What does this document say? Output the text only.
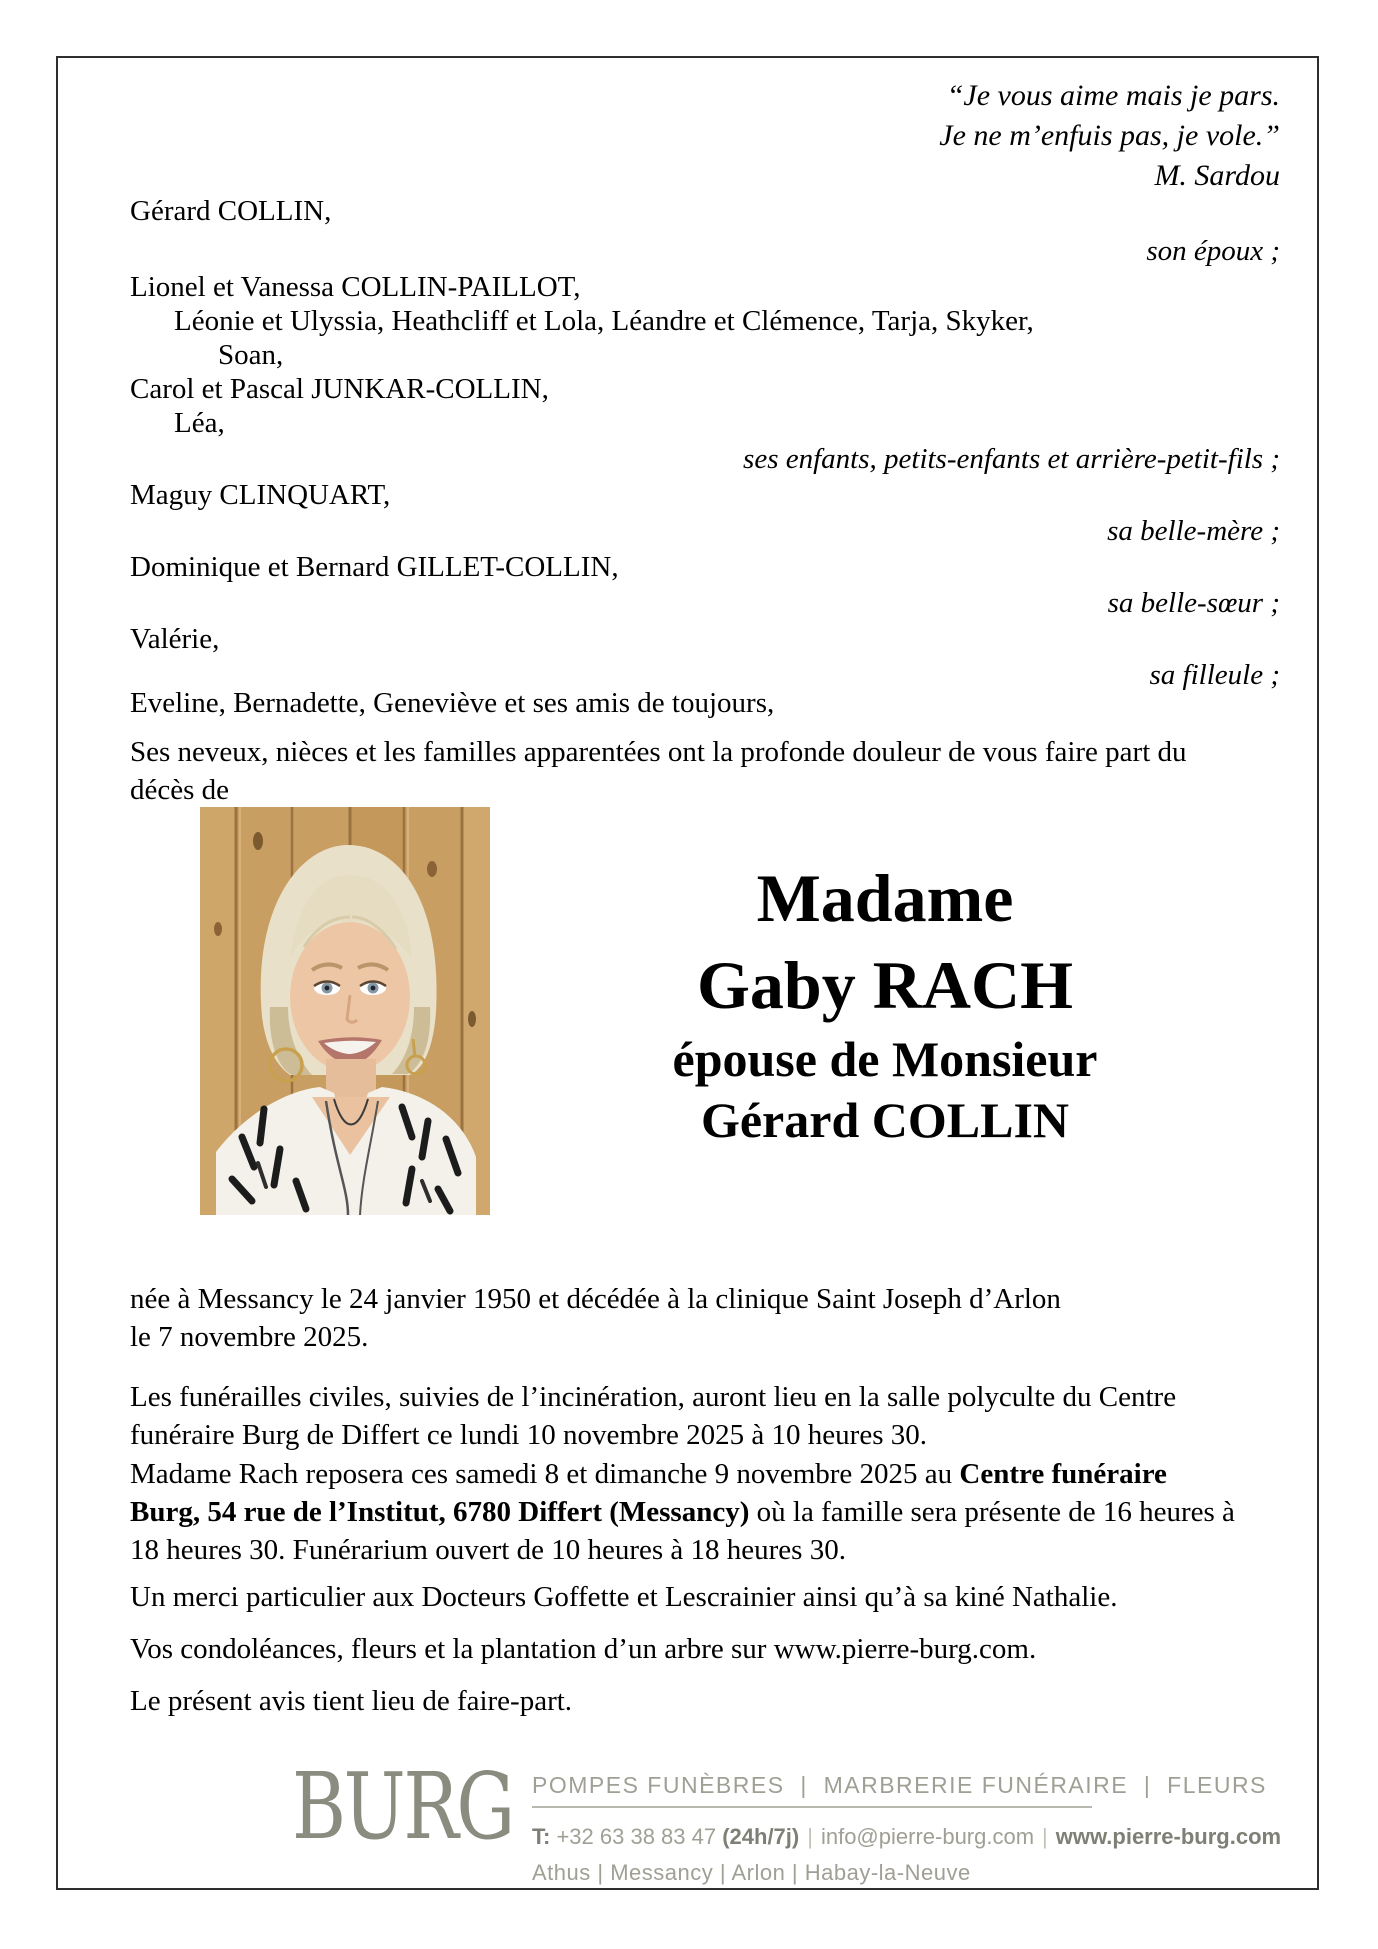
“Je vous aime mais je pars.
Je ne m’enfuis pas, je vole.”
M. Sardou
Gérard COLLIN,
son époux ;
Lionel et Vanessa COLLIN-PAILLOT,
Léonie et Ulyssia, Heathcliff et Lola, Léandre et Clémence, Tarja, Skyker,
Soan,
Carol et Pascal JUNKAR-COLLIN,
Léa,
ses enfants, petits-enfants et arrière-petit-fils ;
Maguy CLINQUART,
sa belle-mère ;
Dominique et Bernard GILLET-COLLIN,
sa belle-sœur ;
Valérie,
sa filleule ;
Eveline, Bernadette, Geneviève et ses amis de toujours,
Ses neveux, nièces et les familles apparentées ont la profonde douleur de vous faire part du
décès de
Madame
Gaby RACH
épouse de Monsieur
Gérard COLLIN
née à Messancy le 24 janvier 1950 et décédée à la clinique Saint Joseph d’Arlon
le 7 novembre 2025.
Les funérailles civiles, suivies de l’incinération, auront lieu en la salle polyculte du Centre
funéraire Burg de Differt ce lundi 10 novembre 2025 à 10 heures 30.
Madame Rach reposera ces samedi 8 et dimanche 9 novembre 2025 au Centre funéraire
Burg, 54 rue de l’Institut, 6780 Differt (Messancy) où la famille sera présente de 16 heures à
18 heures 30. Funérarium ouvert de 10 heures à 18 heures 30.
Un merci particulier aux Docteurs Goffette et Lescrainier ainsi qu’à sa kiné Nathalie.
Vos condoléances, fleurs et la plantation d’un arbre sur www.pierre-burg.com.
Le présent avis tient lieu de faire-part.
BURG POMPES FUNÈBRES  |  MARBRERIE FUNÉRAIRE  |  FLEURS
T: +32 63 38 83 47 (24h/7j) | info@pierre-burg.com | www.pierre-burg.com
Athus | Messancy | Arlon | Habay-la-Neuve
